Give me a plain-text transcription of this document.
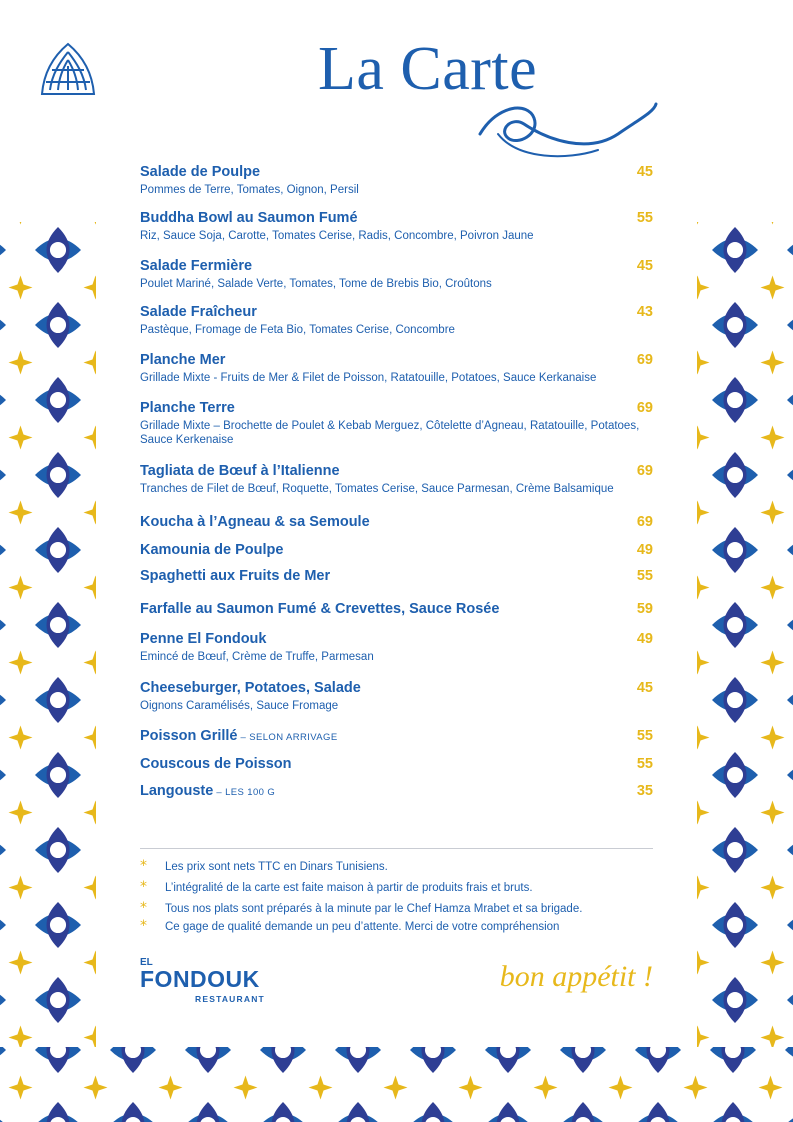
La Carte
Salade de Poulpe	45
Pommes de Terre, Tomates, Oignon, Persil
Buddha Bowl au Saumon Fumé	55
Riz, Sauce Soja, Carotte, Tomates Cerise, Radis, Concombre, Poivron Jaune
Salade Fermière	45
Poulet Mariné, Salade Verte, Tomates, Tome de Brebis Bio, Croûtons
Salade Fraîcheur	43
Pastèque, Fromage de Feta Bio, Tomates Cerise, Concombre
Planche Mer	69
Grillade Mixte - Fruits de Mer & Filet de Poisson, Ratatouille, Potatoes, Sauce Kerkanaise
Planche Terre	69
Grillade Mixte – Brochette de Poulet & Kebab Merguez, Côtelette d’Agneau, Ratatouille, Potatoes, Sauce Kerkenaise
Tagliata de Bœuf à l’Italienne	69
Tranches de Filet de Bœuf, Roquette, Tomates Cerise, Sauce Parmesan, Crème Balsamique
Koucha à l’Agneau & sa Semoule	69
Kamounia de Poulpe	49
Spaghetti aux Fruits de Mer	55
Farfalle au Saumon Fumé & Crevettes, Sauce Rosée	59
Penne El Fondouk	49
Emincé de Bœuf, Crème de Truffe, Parmesan
Cheeseburger, Potatoes, Salade	45
Oignons Caramélisés, Sauce Fromage
Poisson Grillé – SELON ARRIVAGE	55
Couscous de Poisson	55
Langouste – LES 100 G	35
* Les prix sont nets TTC en Dinars Tunisiens.
* L’intégralité de la carte est faite maison à partir de produits frais et bruts.
* Tous nos plats sont préparés à la minute par le Chef Hamza Mrabet et sa brigade.
* Ce gage de qualité demande un peu d’attente. Merci de votre compréhension
EL
FONDOUK
RESTAURANT
bon appétit !
